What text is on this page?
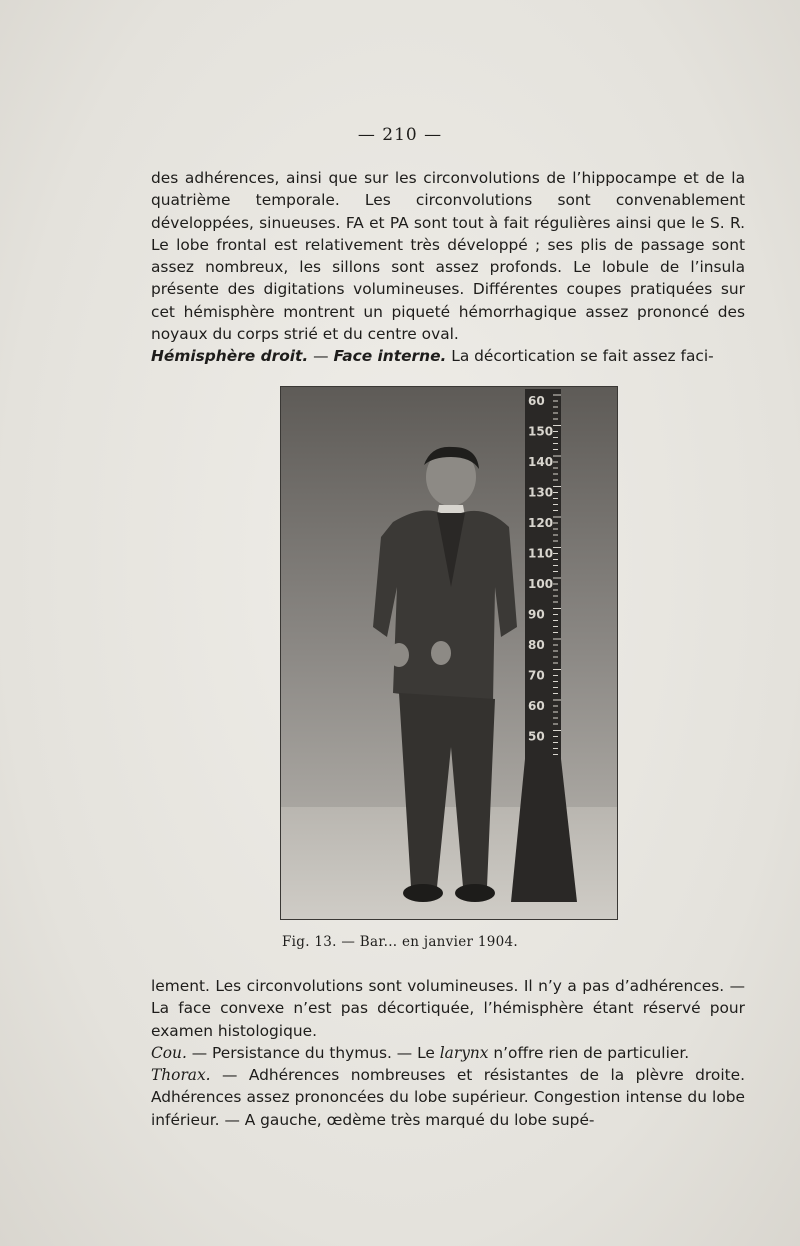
— 210 —

des adhérences, ainsi que sur les circonvolutions de l’hippocampe et de la quatrième temporale. Les circonvolutions sont convenablement développées, sinueuses. FA et PA sont tout à fait régulières ainsi que le S. R. Le lobe frontal est relativement très développé ; ses plis de passage sont assez nombreux, les sillons sont assez profonds. Le lobule de l’insula présente des digitations volumineuses. Différentes coupes pratiquées sur cet hémisphère montrent un piqueté hémorrhagique assez prononcé des noyaux du corps strié et du centre oval.

Hémisphère droit. — Face interne. La décortication se fait assez faci-

60
150
140
130
120
110
100
90
80
70
60
50
Fig. 13. — Bar... en janvier 1904.

lement. Les circonvolutions sont volumineuses. Il n’y a pas d’adhérences. — La face convexe n’est pas décortiquée, l’hémisphère étant réservé pour examen histologique.

Cou. — Persistance du thymus. — Le larynx n’offre rien de particulier.

Thorax. — Adhérences nombreuses et résistantes de la plèvre droite. Adhérences assez prononcées du lobe supérieur. Congestion intense du lobe inférieur. — A gauche, œdème très marqué du lobe supé-
